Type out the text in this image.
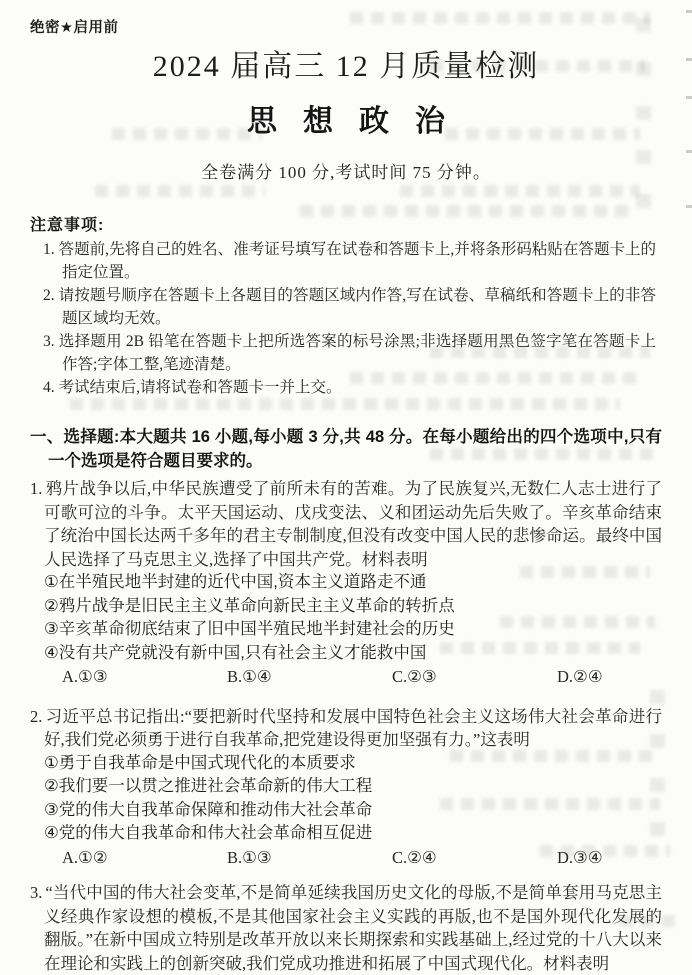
绝密★启用前
2024 届高三 12 月质量检测
思想政治
全卷满分 100 分,考试时间 75 分钟。
注意事项:
1. 答题前,先将自己的姓名、准考证号填写在试卷和答题卡上,并将条形码粘贴在答题卡上的指定位置。
2. 请按题号顺序在答题卡上各题目的答题区域内作答,写在试卷、草稿纸和答题卡上的非答题区域均无效。
3. 选择题用 2B 铅笔在答题卡上把所选答案的标号涂黑;非选择题用黑色签字笔在答题卡上作答;字体工整,笔迹清楚。
4. 考试结束后,请将试卷和答题卡一并上交。
一、选择题:本大题共 16 小题,每小题 3 分,共 48 分。在每小题给出的四个选项中,只有一个选项是符合题目要求的。

1. 鸦片战争以后,中华民族遭受了前所未有的苦难。为了民族复兴,无数仁人志士进行了可歌可泣的斗争。太平天国运动、戊戌变法、义和团运动先后失败了。辛亥革命结束了统治中国长达两千多年的君主专制制度,但没有改变中国人民的悲惨命运。最终中国人民选择了马克思主义,选择了中国共产党。材料表明

①在半殖民地半封建的近代中国,资本主义道路走不通
②鸦片战争是旧民主主义革命向新民主主义革命的转折点
③辛亥革命彻底结束了旧中国半殖民地半封建社会的历史
④没有共产党就没有新中国,只有社会主义才能救中国
A.①③	B.①④	C.②③	D.②④

2. 习近平总书记指出:“要把新时代坚持和发展中国特色社会主义这场伟大社会革命进行好,我们党必须勇于进行自我革命,把党建设得更加坚强有力。”这表明

①勇于自我革命是中国式现代化的本质要求
②我们要一以贯之推进社会革命新的伟大工程
③党的伟大自我革命保障和推动伟大社会革命
④党的伟大自我革命和伟大社会革命相互促进
A.①②	B.①③	C.②④	D.③④

3. “当代中国的伟大社会变革,不是简单延续我国历史文化的母版,不是简单套用马克思主义经典作家设想的模板,不是其他国家社会主义实践的再版,也不是国外现代化发展的翻版。”在新中国成立特别是改革开放以来长期探索和实践基础上,经过党的十八大以来在理论和实践上的创新突破,我们党成功推进和拓展了中国式现代化。材料表明
